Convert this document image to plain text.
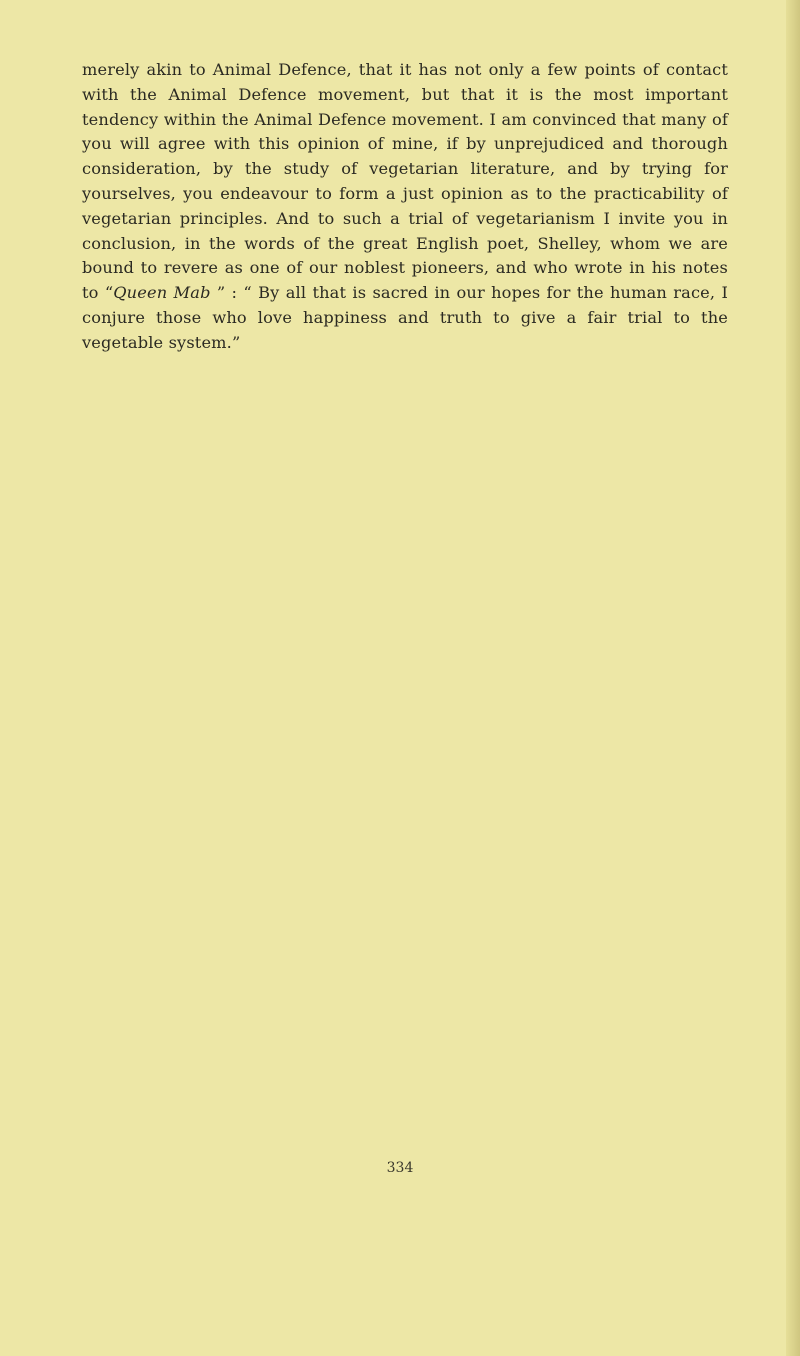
merely akin to Animal Defence, that it has not only a few points of contact with the Animal Defence movement, but that it is the most important tendency within the Animal Defence movement. I am convinced that many of you will agree with this opinion of mine, if by unprejudiced and thorough consideration, by the study of vegetarian literature, and by trying for yourselves, you endeavour to form a just opinion as to the practicability of vegetarian principles. And to such a trial of vegetarianism I invite you in conclusion, in the words of the great English poet, Shelley, whom we are bound to revere as one of our noblest pioneers, and who wrote in his notes to “Queen Mab ” : “ By all that is sacred in our hopes for the human race, I conjure those who love happiness and truth to give a fair trial to the vegetable system.”

334
